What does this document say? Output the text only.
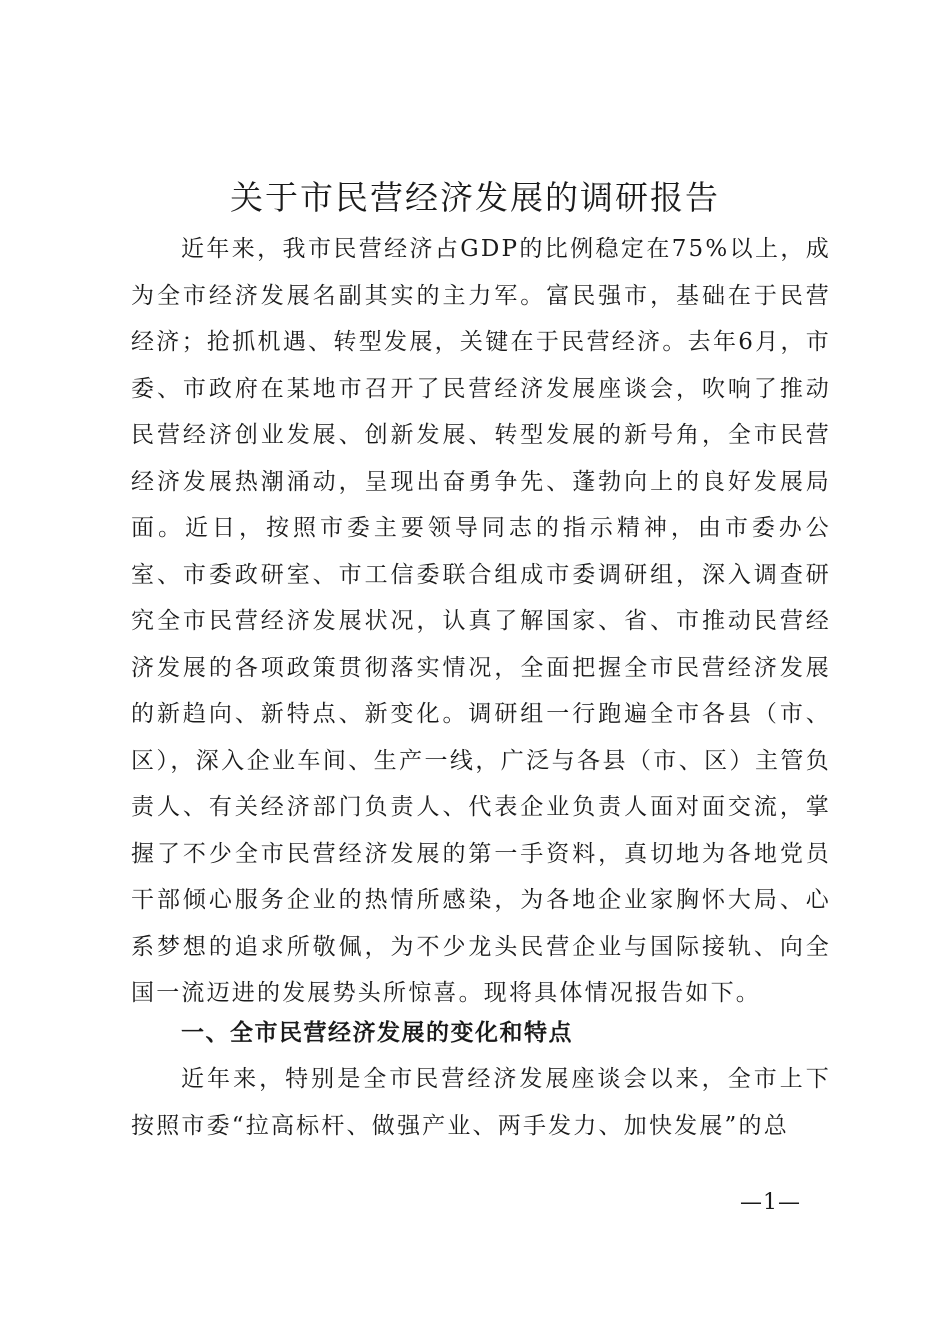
关于市民营经济发展的调研报告

近年来，我市民营经济占GDP的比例稳定在75%以上，成为全市经济发展名副其实的主力军。富民强市，基础在于民营经济；抢抓机遇、转型发展，关键在于民营经济。去年6月，市委、市政府在某地市召开了民营经济发展座谈会，吹响了推动民营经济创业发展、创新发展、转型发展的新号角，全市民营经济发展热潮涌动，呈现出奋勇争先、蓬勃向上的良好发展局面。近日，按照市委主要领导同志的指示精神，由市委办公室、市委政研室、市工信委联合组成市委调研组，深入调查研究全市民营经济发展状况，认真了解国家、省、市推动民营经济发展的各项政策贯彻落实情况，全面把握全市民营经济发展的新趋向、新特点、新变化。调研组一行跑遍全市各县（市、区），深入企业车间、生产一线，广泛与各县（市、区）主管负责人、有关经济部门负责人、代表企业负责人面对面交流，掌握了不少全市民营经济发展的第一手资料，真切地为各地党员干部倾心服务企业的热情所感染，为各地企业家胸怀大局、心系梦想的追求所敬佩，为不少龙头民营企业与国际接轨、向全国一流迈进的发展势头所惊喜。现将具体情况报告如下。

一、全市民营经济发展的变化和特点

近年来，特别是全市民营经济发展座谈会以来，全市上下按照市委“拉高标杆、做强产业、两手发力、加快发展”的总

—1—
